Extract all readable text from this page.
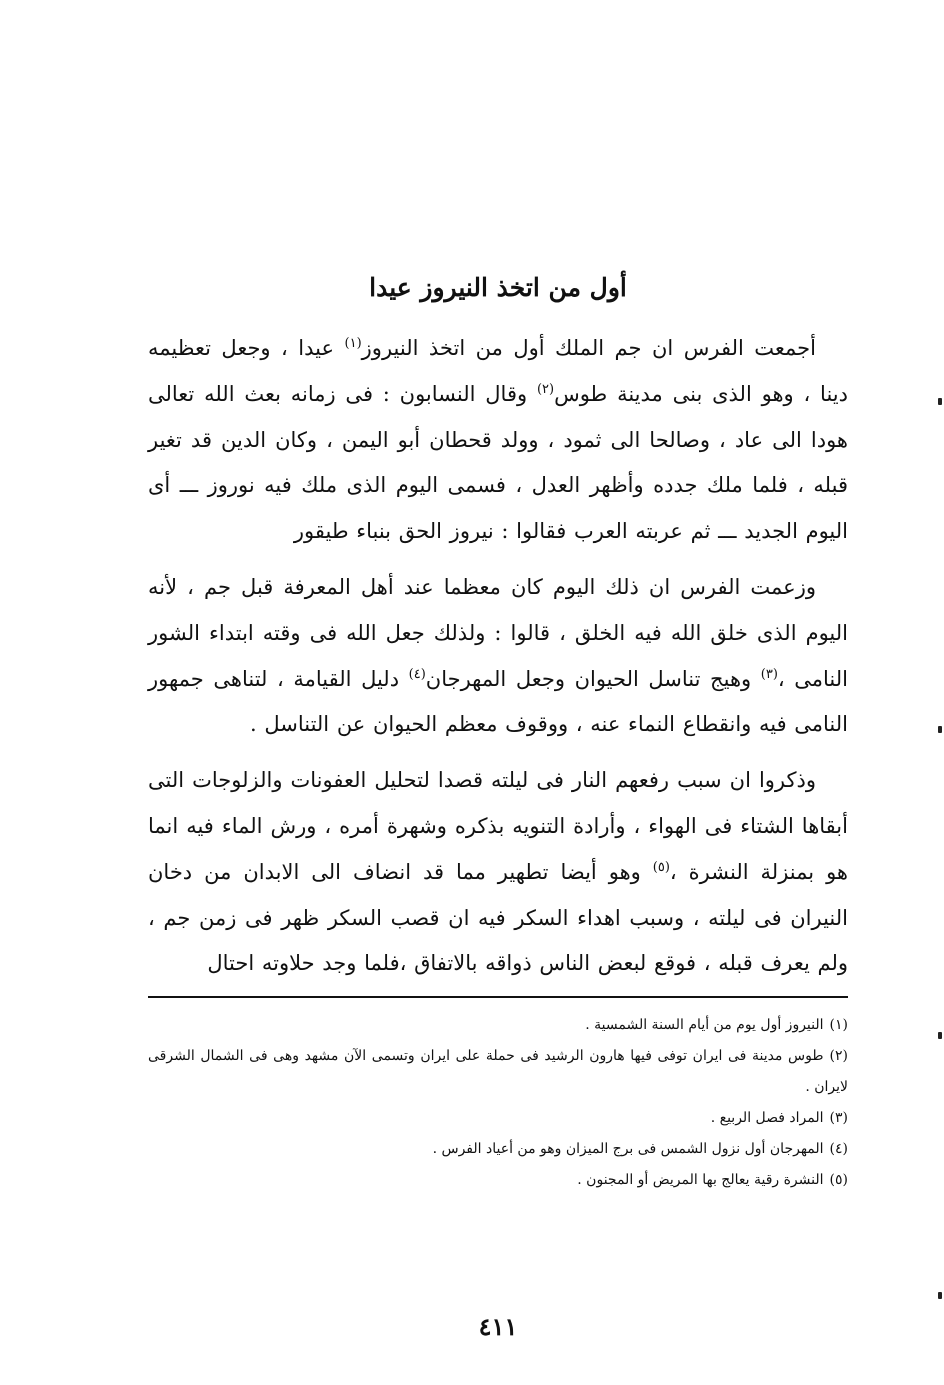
أول من اتخذ النيروز عيدا

أجمعت الفرس ان جم الملك أول من اتخذ النيروز$^{(١)}$ عيدا ، وجعل تعظيمه دينا ، وهو الذى بنى مدينة طوس$^{(٢)}$ وقال النسابون : فى زمانه بعث الله تعالى هودا الى عاد ، وصالحا الى ثمود ، وولد قحطان أبو اليمن ، وكان الدين قد تغير قبله ، فلما ملك جدده وأظهر العدل ، فسمى اليوم الذى ملك فيه نوروز ـــ أى اليوم الجديد ـــ ثم عربته العرب فقالوا : نيروز الحق بنباء طيقور

وزعمت الفرس ان ذلك اليوم كان معظما عند أهل المعرفة قبل جم ، لأنه اليوم الذى خلق الله فيه الخلق ، قالوا : ولذلك جعل الله فى وقته ابتداء الشور النامى ،$^{(٣)}$ وهيج تناسل الحيوان وجعل المهرجان$^{(٤)}$ دليل القيامة ، لتناهى جمهور النامى فيه وانقطاع النماء عنه ، ووقوف معظم الحيوان عن التناسل .

وذكروا ان سبب رفعهم النار فى ليلته قصدا لتحليل العفونات والزلوجات التى أبقاها الشتاء فى الهواء ، وأرادة التنويه بذكره وشهرة أمره ، ورش الماء فيه انما هو بمنزلة النشرة ،$^{(٥)}$ وهو أيضا تطهير مما قد انضاف الى الابدان من دخان النيران فى ليلته ، وسبب اهداء السكر فيه ان قصب السكر ظهر فى زمن جم ، ولم يعرف قبله ، فوقع لبعض الناس ذواقه بالاتفاق ،فلما وجد حلاوته احتال

(١)النيروز أول يوم من أيام السنة الشمسية .
(٢)طوس مدينة فى ايران توفى فيها هارون الرشيد فى حملة على ايران وتسمى الآن مشهد وهى فى الشمال الشرقى لايران .
(٣)المراد فصل الربيع .
(٤)المهرجان أول نزول الشمس فى برج الميزان وهو من أعياد الفرس .
(٥)النشرة رقية يعالج بها المريض أو المجنون .

٤١١
